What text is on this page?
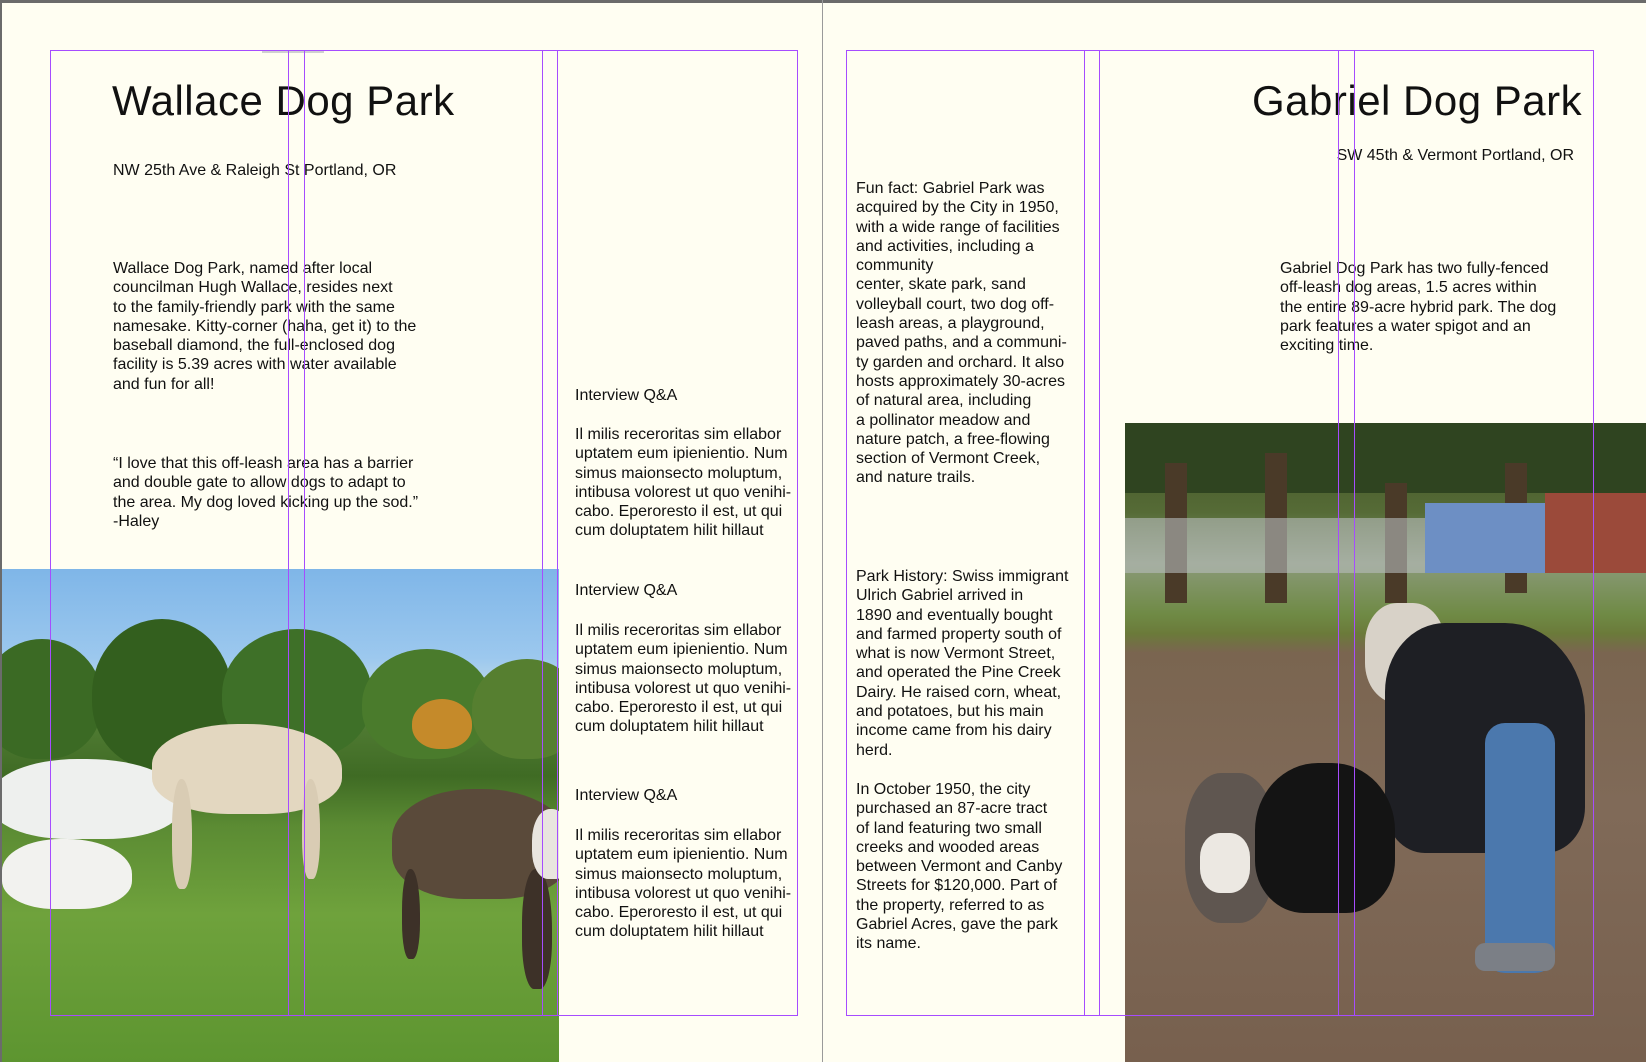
Wallace Dog Park
NW 25th Ave & Raleigh St Portland, OR
Wallace Dog Park, named after local
councilman Hugh Wallace, resides next
to the family-friendly park with the same
namesake. Kitty-corner (haha, get it) to the
baseball diamond, the full-enclosed dog
facility is 5.39 acres with water available
and fun for all!
“I love that this off-leash area has a barrier
and double gate to allow dogs to adapt to
the area. My dog loved kicking up the sod.”
-Haley
Interview Q&A
Il milis receroritas sim ellabor
uptatem eum ipienientio. Num
simus maionsecto moluptum,
intibusa volorest ut quo venihi-
cabo. Eperoresto il est, ut qui
cum doluptatem hilit hillaut
Interview Q&A
Il milis receroritas sim ellabor
uptatem eum ipienientio. Num
simus maionsecto moluptum,
intibusa volorest ut quo venihi-
cabo. Eperoresto il est, ut qui
cum doluptatem hilit hillaut
Interview Q&A
Il milis receroritas sim ellabor
uptatem eum ipienientio. Num
simus maionsecto moluptum,
intibusa volorest ut quo venihi-
cabo. Eperoresto il est, ut qui
cum doluptatem hilit hillaut
Gabriel Dog Park
SW 45th & Vermont Portland, OR
Gabriel Dog Park has two fully-fenced
off-leash dog areas, 1.5 acres within
the entire 89-acre hybrid park. The dog
park features a water spigot and an
exciting time.
Fun fact: Gabriel Park was
acquired by the City in 1950,
with a wide range of facilities
and activities, including a
community
center, skate park, sand
volleyball court, two dog off-
leash areas, a playground,
paved paths, and a communi-
ty garden and orchard. It also
hosts approximately 30-acres
of natural area, including
a pollinator meadow and
nature patch, a free-flowing
section of Vermont Creek,
and nature trails.
Park History: Swiss immigrant
Ulrich Gabriel arrived in
1890 and eventually bought
and farmed property south of
what is now Vermont Street,
and operated the Pine Creek
Dairy. He raised corn, wheat,
and potatoes, but his main
income came from his dairy
herd.
In October 1950, the city
purchased an 87-acre tract
of land featuring two small
creeks and wooded areas
between Vermont and Canby
Streets for $120,000. Part of
the property, referred to as
Gabriel Acres, gave the park
its name.
